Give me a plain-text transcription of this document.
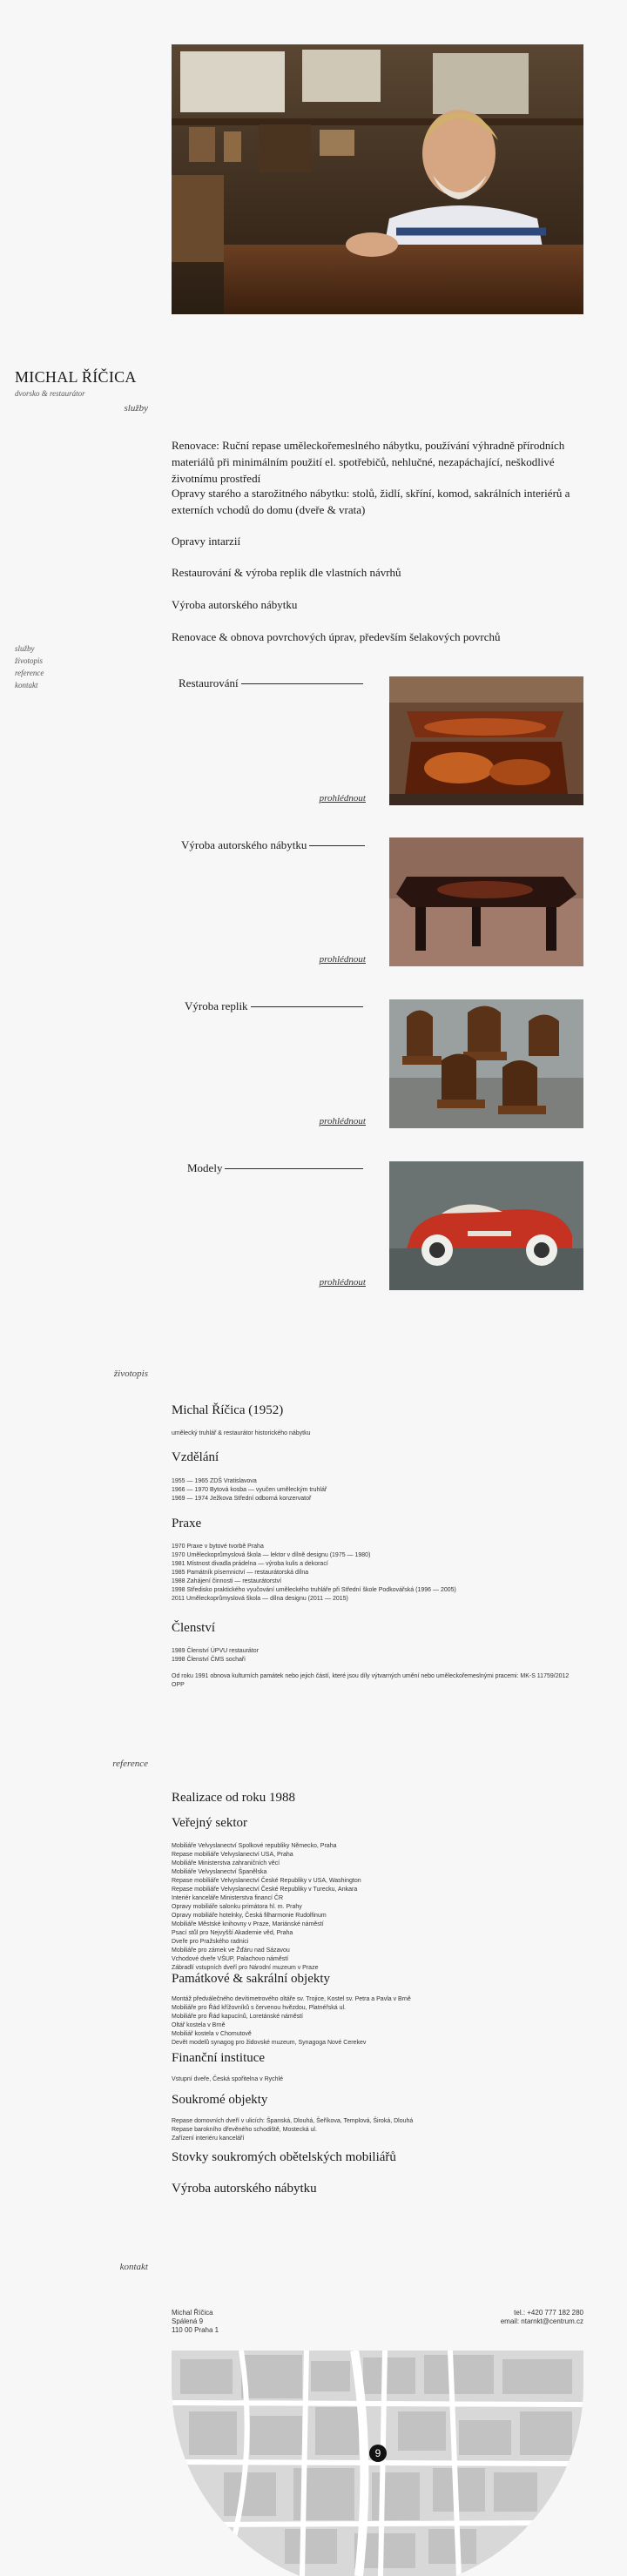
MICHAL ŘÍČICA
dvorsko & restaurátor
služby
služby
životopis
reference
kontakt
Renovace: Ruční repase uměleckořemeslného nábytku, používání výhradně přírodních materiálů při minimálním použití el. spotřebičů, nehlučné, nezapáchající, neškodlivé životnímu prostředí
Opravy starého a starožitného nábytku: stolů, židlí, skříní, komod, sakrálních interiérů a externích vchodů do domu (dveře & vrata)
Opravy intarzií
Restaurování & výroba replik dle vlastních návrhů
Výroba autorského nábytku
Renovace & obnova povrchových úprav, především šelakových povrchů
Restaurování
prohlédnout
Výroba autorského nábytku
prohlédnout
Výroba replik
prohlédnout
Modely
prohlédnout
životopis
Michal Říčica (1952)
umělecký truhlář & restaurátor historického nábytku
Vzdělání
1955 — 1965 ZDŠ Vratislavova
1966 — 1970 Bytová kosba — vyučen uměleckým truhlář
1969 — 1974 Ježkova Střední odborná konzervatoř
Praxe
1970 Praxe v bytové tvorbě Praha
1970 Uměleckoprůmyslová škola — lektor v dílně designu (1975 — 1980)
1981 Místnost divadla prádelna — výroba kulis a dekorací
1985 Památník písemnictví — restaurátorská dílna
1988 Zahájení činnosti — restaurátorství
1998 Středisko praktického vyučování uměleckého truhláře při Střední škole Podkovářská (1996 — 2005)
2011 Uměleckoprůmyslová škola — dílna designu (2011 — 2015)
Členství
1989 Členství ÚPVU restaurátor
1998 Členství ČMS sochaři
Od roku 1991 obnova kulturních památek nebo jejich částí, které jsou díly výtvarných umění nebo uměleckořemeslnými pracemi: MK-S 11759/2012 OPP
reference
Realizace od roku 1988
Veřejný sektor
Mobiliáře Velvyslanectví Spolkové republiky Německo, Praha
Repase mobiliáře Velvyslanectví USA, Praha
Mobiliáře Ministerstva zahraničních věcí
Mobiliáře Velvyslanectví Španělska
Repase mobiliáře Velvyslanectví České Republiky v USA, Washington
Repase mobiliáře Velvyslanectví České Republiky v Turecku, Ankara
Interiér kanceláře Ministerstva financí ČR
Opravy mobiliáře salonku primátora hl. m. Prahy
Opravy mobiliáře hotelnky, Česká filharmonie Rudolfinum
Mobiliáře Městské knihovny v Praze, Mariánské náměstí
Psací stůl pro Nejvyšší Akademie věd, Praha
Dveře pro Pražského radnici
Mobiliáře pro zámek ve Žďáru nad Sázavou
Vchodové dveře VŠUP, Palachovo náměstí
Zábradlí vstupních dveří pro Národní muzeum v Praze
Památkové & sakrální objekty
Montáž předválečného devítimetrového oltáře sv. Trojice, Kostel sv. Petra a Pavla v Brně
Mobiliáře pro Řád křížovníků s červenou hvězdou, Platnéřská ul.
Mobiliáře pro Řád kapucínů, Loretánské náměstí
Oltář kostela v Brně
Mobiliář kostela v Chomutově
Devět modelů synagog pro židovské muzeum, Synagoga Nové Cerekev
Finanční instituce
Vstupní dveře, Česká spořitelna v Rychlé
Soukromé objekty
Repase domovních dveří v ulicích: Španská, Dlouhá, Šeříkova, Templová, Široká, Dlouhá
Repase barokního dřevěného schodiště, Mostecká ul.
Zařízení interiéru kanceláří
Stovky soukromých obětelských mobiliářů
Výroba autorského nábytku
kontakt
Michal Říčica
Spálená 9
110 00 Praha 1
tel.: +420 777 182 280
email: ntarnkt@centrum.cz
9
